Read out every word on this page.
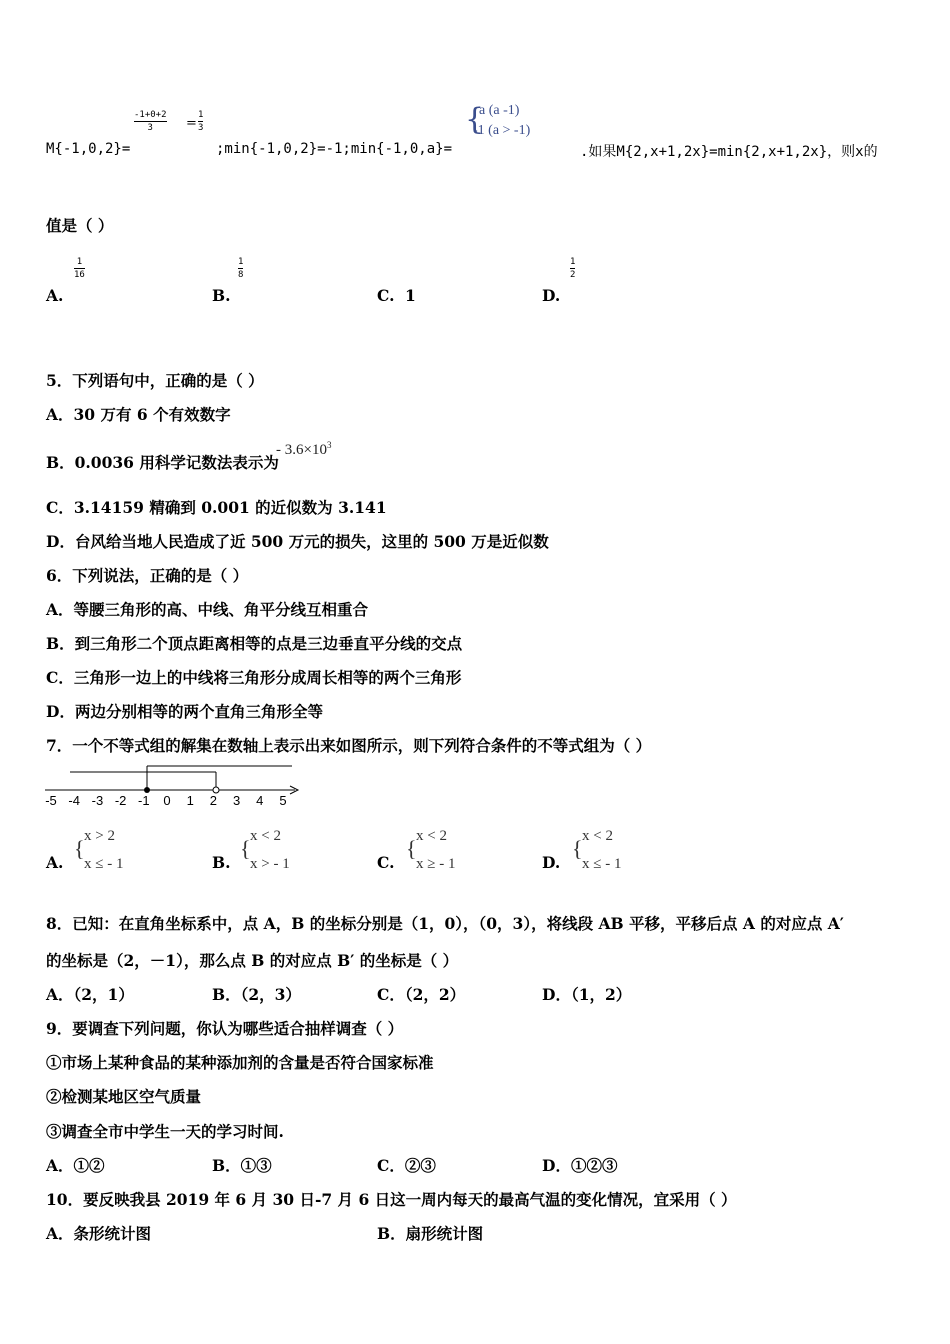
M{-1,0,2}=
-1+0+2
3	=
1
3
;min{-1,0,2}=-1;min{-1,0,a}=
{
a (a -1)
-1 (a > -1)
.如果M{2,x+1,2x}=min{2,x+1,2x}，则x的
值是（ ）
A.
1
16
B.
1
8
C. 1	D.
1
2
5．下列语句中，正确的是（ ）
A．30 万有 6 个有效数字
B．0.0036 用科学记数法表示为
- $3.6\times 10^3$
C．3.14159 精确到 0.001 的近似数为 3.141
D．台风给当地人民造成了近 500 万元的损失，这里的 500 万是近似数
6．下列说法，正确的是（ ）
A．等腰三角形的高、中线、角平分线互相重合
B．到三角形二个顶点距离相等的点是三边垂直平分线的交点
C．三角形一边上的中线将三角形分成周长相等的两个三角形
D．两边分别相等的两个直角三角形全等
7．一个不等式组的解集在数轴上表示出来如图所示，则下列符合条件的不等式组为（ ）
-5 -4 -3 -2 -1 0 1 2 3 4 5
A.
{ x > 2
x ≤ - 1	B.
{ x < 2
x > - 1	C.
{ x < 2
x ≥ - 1	D.
{ x < 2
x ≤ - 1
8．已知：在直角坐标系中，点 A，B 的坐标分别是（1，0），（0，3），将线段 AB 平移，平移后点 A 的对应点 A′
的坐标是（2，－1），那么点 B 的对应点 B′ 的坐标是（ ）
A．（2，1）	B．（2，3）	C．（2，2）	D．（1，2）
9．要调查下列问题，你认为哪些适合抽样调查（ ）
①市场上某种食品的某种添加剂的含量是否符合国家标准
②检测某地区空气质量
③调查全市中学生一天的学习时间.
A．①②	B．①③	C．②③	D．①②③
10．要反映我县 2019 年 6 月 30 日-7 月 6 日这一周内每天的最高气温的变化情况，宜采用（ ）
A．条形统计图	B．扇形统计图
